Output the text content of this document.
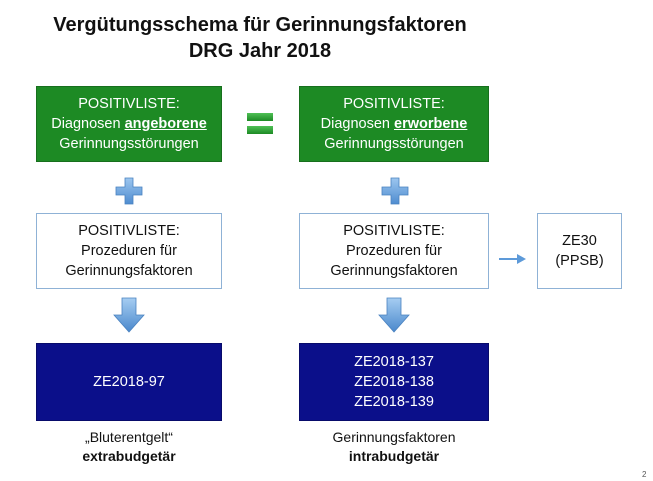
Vergütungsschema für Gerinnungsfaktoren
DRG Jahr 2018
POSITIVLISTE:
Diagnosen angeborene
Gerinnungsstörungen
POSITIVLISTE:
Diagnosen erworbene
Gerinnungsstörungen
POSITIVLISTE:
Prozeduren für
Gerinnungsfaktoren
POSITIVLISTE:
Prozeduren für
Gerinnungsfaktoren
ZE30
(PPSB)
ZE2018-97
ZE2018-137
ZE2018-138
ZE2018-139
„Bluterentgelt“
extrabudgetär
Gerinnungsfaktoren
intrabudgetär
2
